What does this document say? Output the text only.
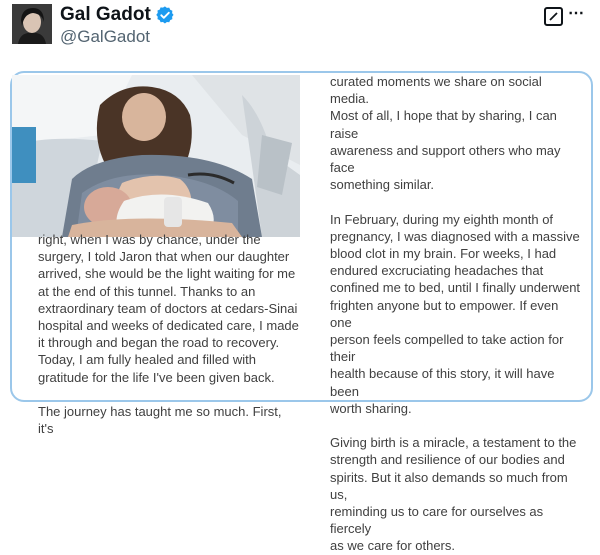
Gal Gadot
@GalGadot
⋯

right, when I was by chance, under the
surgery, I told Jaron that when our daughter
arrived, she would be the light waiting for me
at the end of this tunnel. Thanks to an
extraordinary team of doctors at cedars-Sinai
hospital and weeks of dedicated care, I made
it through and began the road to recovery.
Today, I am fully healed and filled with
gratitude for the life I've been given back.

The journey has taught me so much. First, it's

curated moments we share on social media.
Most of all, I hope that by sharing, I can raise
awareness and support others who may face
something similar.

In February, during my eighth month of
pregnancy, I was diagnosed with a massive
blood clot in my brain. For weeks, I had
endured excruciating headaches that
confined me to bed, until I finally underwent
frighten anyone but to empower. If even one
person feels compelled to take action for their
health because of this story, it will have been
worth sharing.

Giving birth is a miracle, a testament to the
strength and resilience of our bodies and
spirits. But it also demands so much from us,
reminding us to care for ourselves as fiercely
as we care for others.
